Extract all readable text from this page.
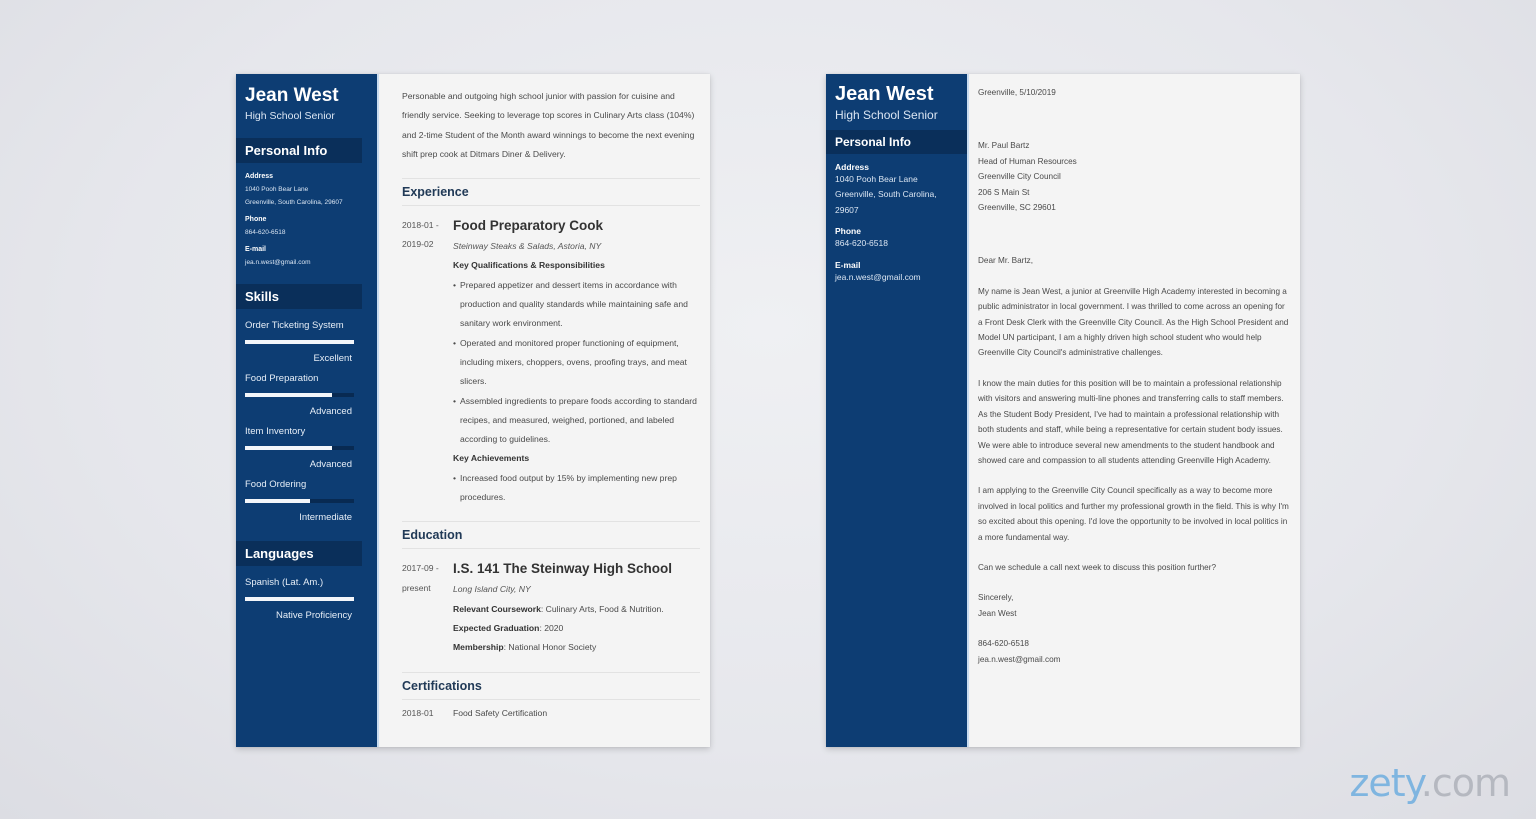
Jean West
High School Senior
Personal Info
Address
1040 Pooh Bear Lane
Greenville, South Carolina, 29607
Phone
864-620-6518
E-mail
jea.n.west@gmail.com
Skills
Order Ticketing System
Excellent
Food Preparation
Advanced
Item Inventory
Advanced
Food Ordering
Intermediate
Languages
Spanish (Lat. Am.)
Native Proficiency

Personable and outgoing high school junior with passion for cuisine and friendly service. Seeking to leverage top scores in Culinary Arts class (104%) and 2-time Student of the Month award winnings to become the next evening shift prep cook at Ditmars Diner & Delivery.

Experience
2018-01 -
2019-02
Food Preparatory Cook
Steinway Steaks & Salads, Astoria, NY
Key Qualifications & Responsibilities
• Prepared appetizer and dessert items in accordance with production and quality standards while maintaining safe and sanitary work environment.
• Operated and monitored proper functioning of equipment, including mixers, choppers, ovens, proofing trays, and meat slicers.
• Assembled ingredients to prepare foods according to standard recipes, and measured, weighed, portioned, and labeled according to guidelines.
Key Achievements
• Increased food output by 15% by implementing new prep procedures.
Education
2017-09 -
present
I.S. 141 The Steinway High School
Long Island City, NY
Relevant Coursework: Culinary Arts, Food & Nutrition.
Expected Graduation: 2020
Membership: National Honor Society
Certifications
2018-01	Food Safety Certification
Jean West
High School Senior
Personal Info
Address
1040 Pooh Bear Lane
Greenville, South Carolina,
29607
Phone
864-620-6518
E-mail
jea.n.west@gmail.com

Greenville, 5/10/2019

Mr. Paul Bartz

Head of Human Resources

Greenville City Council

206 S Main St

Greenville, SC 29601

Dear Mr. Bartz,

My name is Jean West, a junior at Greenville High Academy interested in becoming a public administrator in local government. I was thrilled to come across an opening for a Front Desk Clerk with the Greenville City Council. As the High School President and Model UN participant, I am a highly driven high school student who would help Greenville City Council's administrative challenges.

I know the main duties for this position will be to maintain a professional relationship with visitors and answering multi-line phones and transferring calls to staff members. As the Student Body President, I've had to maintain a professional relationship with both students and staff, while being a representative for certain student body issues. We were able to introduce several new amendments to the student handbook and showed care and compassion to all students attending Greenville High Academy.

I am applying to the Greenville City Council specifically as a way to become more involved in local politics and further my professional growth in the field. This is why I'm so excited about this opening. I'd love the opportunity to be involved in local politics in a more fundamental way.

Can we schedule a call next week to discuss this position further?

Sincerely,

Jean West

864-620-6518

jea.n.west@gmail.com

zety.com
